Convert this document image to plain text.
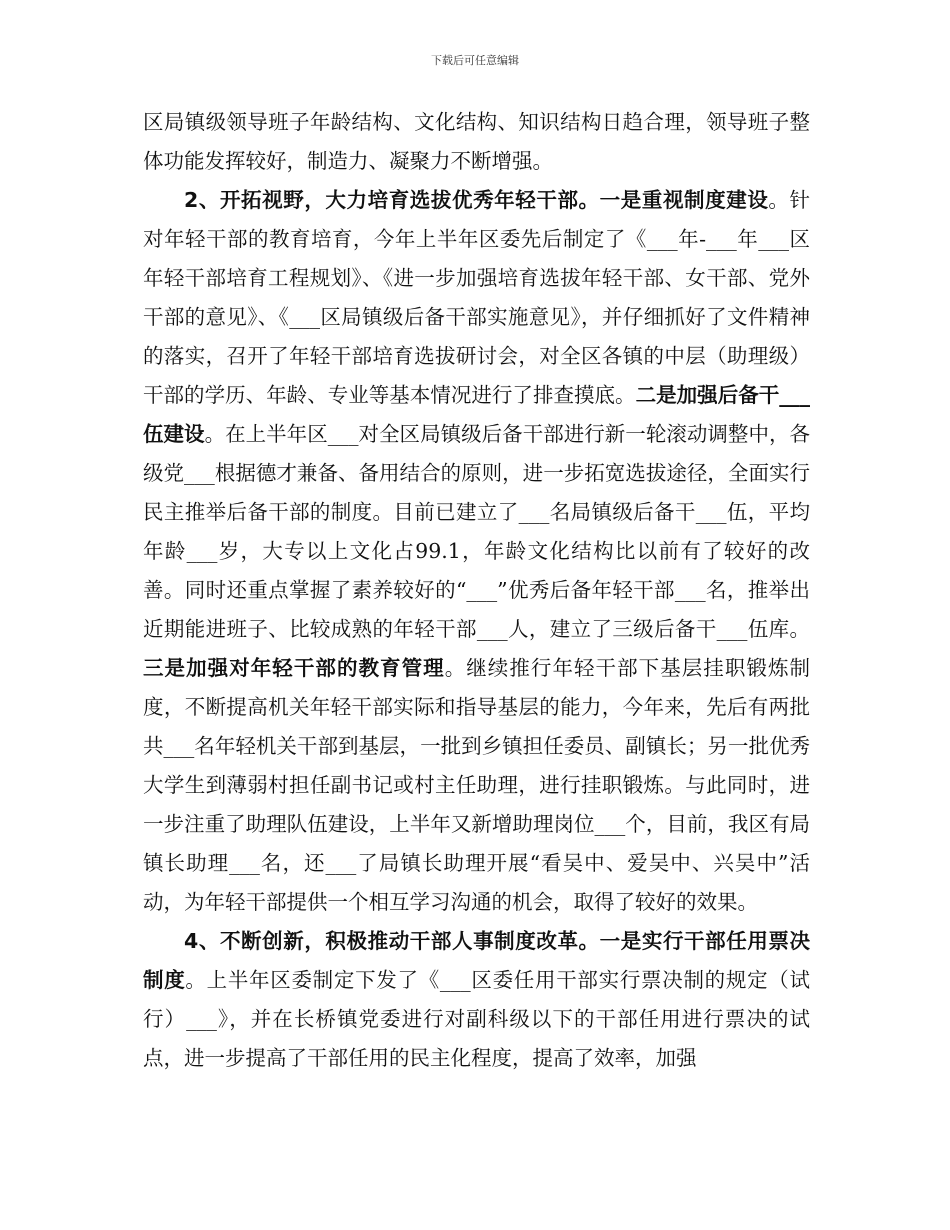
下载后可任意编辑

区局镇级领导班子年龄结构、文化结构、知识结构日趋合理，领导班子整体功能发挥较好，制造力、凝聚力不断增强。

2、开拓视野，大力培育选拔优秀年轻干部。一是重视制度建设。针对年轻干部的教育培育，今年上半年区委先后制定了《___年-___年___区年轻干部培育工程规划》、《进一步加强培育选拔年轻干部、女干部、党外干部的意见》、《___区局镇级后备干部实施意见》，并仔细抓好了文件精神的落实，召开了年轻干部培育选拔研讨会，对全区各镇的中层（助理级）干部的学历、年龄、专业等基本情况进行了排查摸底。二是加强后备干___伍建设。在上半年区___对全区局镇级后备干部进行新一轮滚动调整中，各级党___根据德才兼备、备用结合的原则，进一步拓宽选拔途径，全面实行民主推举后备干部的制度。目前已建立了___名局镇级后备干___伍，平均年龄___岁，大专以上文化占99.1，年龄文化结构比以前有了较好的改善。同时还重点掌握了素养较好的“___”优秀后备年轻干部___名，推举出近期能进班子、比较成熟的年轻干部___人，建立了三级后备干___伍库。三是加强对年轻干部的教育管理。继续推行年轻干部下基层挂职锻炼制度，不断提高机关年轻干部实际和指导基层的能力，今年来，先后有两批共___名年轻机关干部到基层，一批到乡镇担任委员、副镇长；另一批优秀大学生到薄弱村担任副书记或村主任助理，进行挂职锻炼。与此同时，进一步注重了助理队伍建设，上半年又新增助理岗位___个，目前，我区有局镇长助理___名，还___了局镇长助理开展“看吴中、爱吴中、兴吴中”活动，为年轻干部提供一个相互学习沟通的机会，取得了较好的效果。

4、不断创新，积极推动干部人事制度改革。一是实行干部任用票决制度。上半年区委制定下发了《___区委任用干部实行票决制的规定（试行）___》，并在长桥镇党委进行对副科级以下的干部任用进行票决的试点，进一步提高了干部任用的民主化程度，提高了效率，加强
